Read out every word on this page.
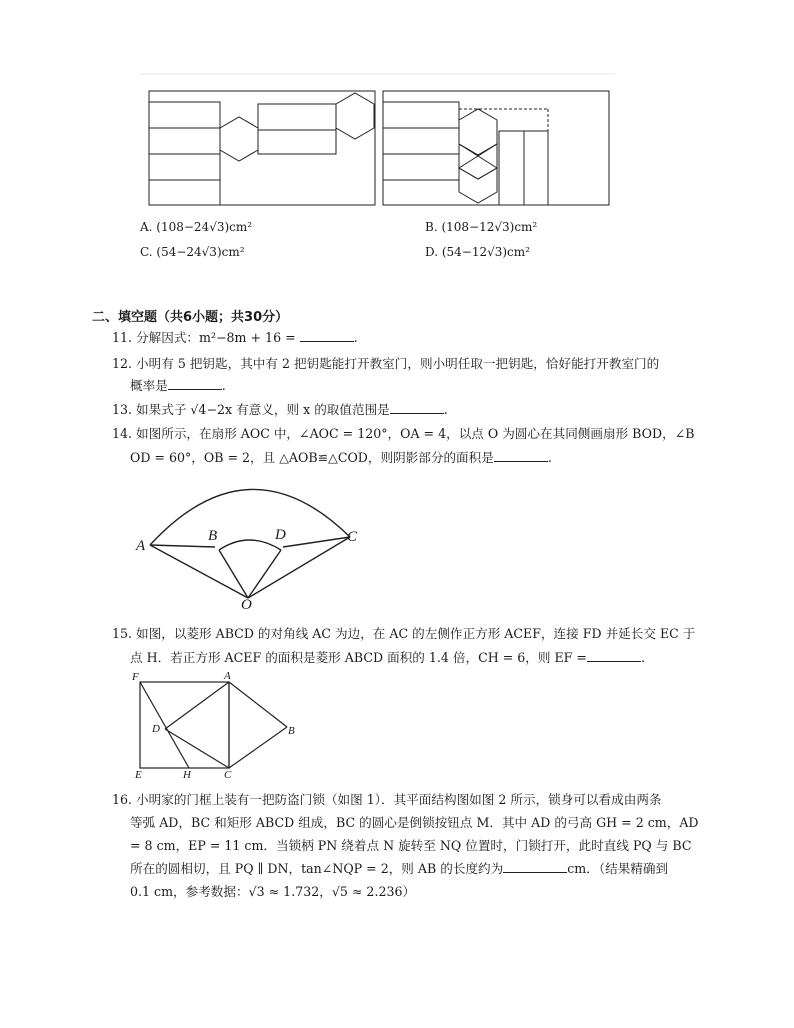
A. (108−24√3)cm²	B. (108−12√3)cm²
C. (54−24√3)cm²	D. (54−12√3)cm²
二、填空题（共6小题；共30分）
11. 分解因式：m²−8m + 16 =	.
12. 小明有 5 把钥匙，其中有 2 把钥匙能打开教室门，则小明任取一把钥匙，恰好能打开教室门的
概率是	.
13. 如果式子 √4−2x 有意义，则 x 的取值范围是	.
14. 如图所示，在扇形 AOC 中，∠AOC = 120°，OA = 4，以点 O 为圆心在其同侧画扇形 BOD，∠B
OD = 60°，OB = 2，且 △AOB≌△COD，则阴影部分的面积是	.
A
B	D	C
O
15. 如图，以菱形 ABCD 的对角线 AC 为边，在 AC 的左侧作正方形 ACEF，连接 FD 并延长交 EC 于
点 H．若正方形 ACEF 的面积是菱形 ABCD 面积的 1.4 倍，CH = 6，则 EF =	.
F	A
D	B
E	H	C
16. 小明家的门框上装有一把防盗门锁（如图 1）．其平面结构图如图 2 所示，锁身可以看成由两条
等弧 AD，BC 和矩形 ABCD 组成，BC 的圆心是倒锁按钮点 M．其中 AD 的弓高 GH = 2 cm，AD
= 8 cm，EP = 11 cm．当锁柄 PN 绕着点 N 旋转至 NQ 位置时，门锁打开，此时直线 PQ 与 BC
所在的圆相切，且 PQ ∥ DN，tan∠NQP = 2，则 AB 的长度约为	cm．（结果精确到
0.1 cm，参考数据：√3 ≈ 1.732，√5 ≈ 2.236）
